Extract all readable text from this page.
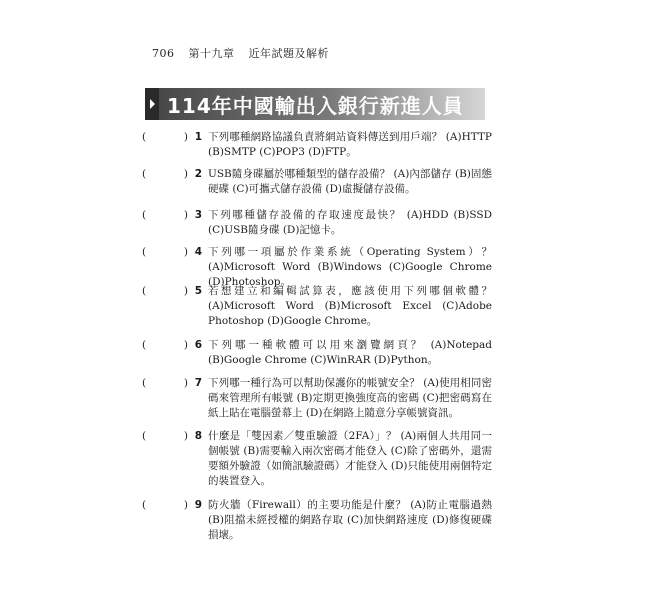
706 第十九章 近年試題及解析
114年中國輸出入銀行新進人員
(	) 1 下列哪種網路協議負責將網站資料傳送到用戶端？ (A)HTTP (B)SMTP (C)POP3 (D)FTP。
(	) 2 USB隨身碟屬於哪種類型的儲存設備？ (A)內部儲存 (B)固態硬碟 (C)可攜式儲存設備 (D)虛擬儲存設備。
(	) 3 下列哪種儲存設備的存取速度最快？ (A)HDD (B)SSD (C)USB隨身碟 (D)記憶卡。
(	) 4 下列哪一項屬於作業系統（Operating System）？ (A)Microsoft Word (B)Windows (C)Google Chrome (D)Photoshop。
(	) 5 若想建立和編輯試算表，應該使用下列哪個軟體？ (A)Microsoft Word (B)Microsoft Excel (C)Adobe Photoshop (D)Google Chrome。
(	) 6 下列哪一種軟體可以用來瀏覽網頁？ (A)Notepad (B)Google Chrome (C)WinRAR (D)Python。
(	) 7 下列哪一種行為可以幫助保護你的帳號安全？ (A)使用相同密碼來管理所有帳號 (B)定期更換強度高的密碼 (C)把密碼寫在紙上貼在電腦螢幕上 (D)在網路上隨意分享帳號資訊。
(	) 8 什麼是「雙因素／雙重驗證（2FA）」？ (A)兩個人共用同一個帳號 (B)需要輸入兩次密碼才能登入 (C)除了密碼外，還需要額外驗證（如簡訊驗證碼）才能登入 (D)只能使用兩個特定的裝置登入。
(	) 9 防火牆（Firewall）的主要功能是什麼？ (A)防止電腦過熱 (B)阻擋未經授權的網路存取 (C)加快網路速度 (D)修復硬碟損壞。
